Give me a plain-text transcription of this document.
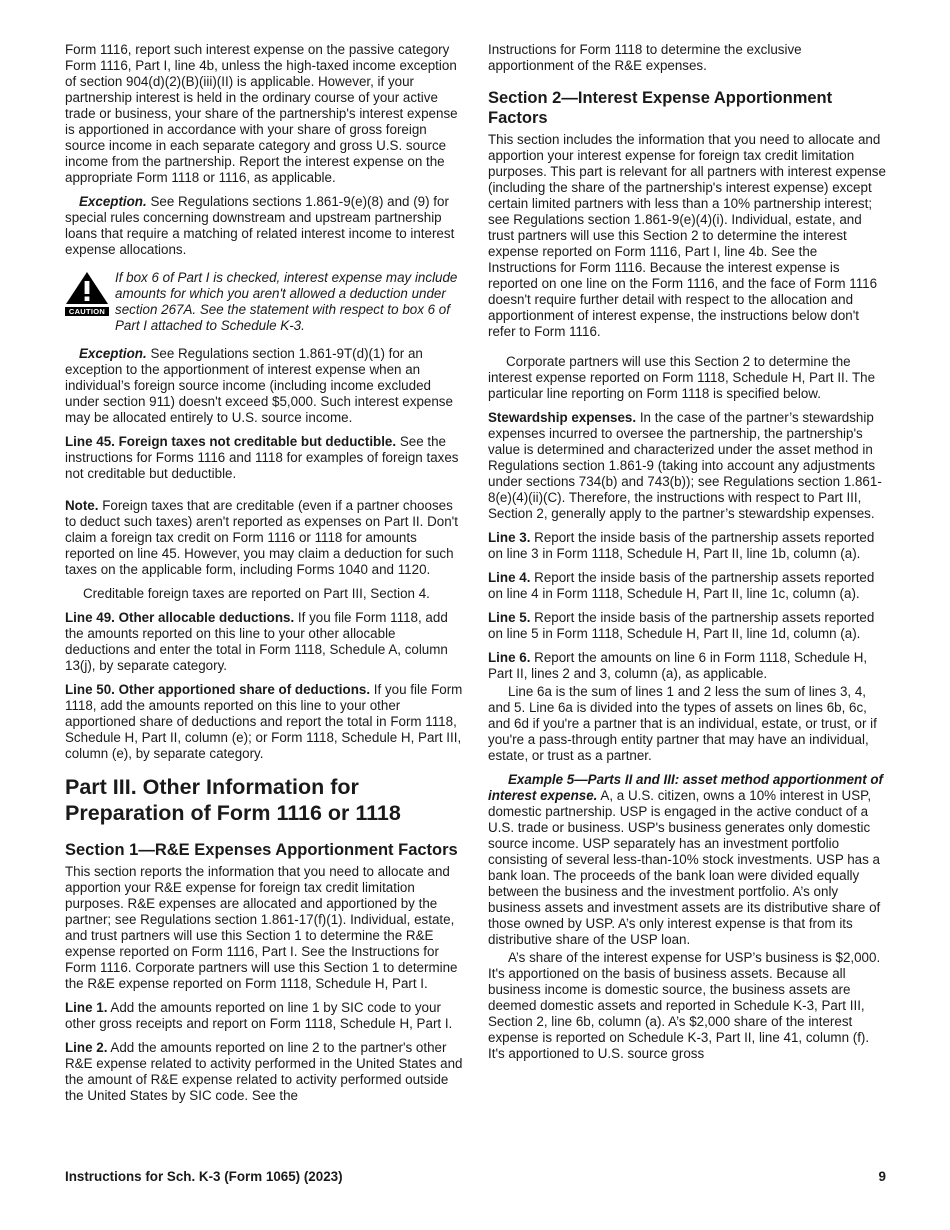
Form 1116, report such interest expense on the passive category Form 1116, Part I, line 4b, unless the high-taxed income exception of section 904(d)(2)(B)(iii)(II) is applicable. However, if your partnership interest is held in the ordinary course of your active trade or business, your share of the partnership's interest expense is apportioned in accordance with your share of gross foreign source income in each separate category and gross U.S. source income from the partnership. Report the interest expense on the appropriate Form 1118 or 1116, as applicable.

Exception. See Regulations sections 1.861-9(e)(8) and (9) for special rules concerning downstream and upstream partnership loans that require a matching of related interest income to interest expense allocations.

CAUTION
If box 6 of Part I is checked, interest expense may include amounts for which you aren't allowed a deduction under section 267A. See the statement with respect to box 6 of Part I attached to Schedule K-3.

Exception. See Regulations section 1.861-9T(d)(1) for an exception to the apportionment of interest expense when an individual’s foreign source income (including income excluded under section 911) doesn't exceed $5,000. Such interest expense may be allocated entirely to U.S. source income.

Line 45. Foreign taxes not creditable but deductible. See the instructions for Forms 1116 and 1118 for examples of foreign taxes not creditable but deductible.

Note. Foreign taxes that are creditable (even if a partner chooses to deduct such taxes) aren't reported as expenses on Part II. Don't claim a foreign tax credit on Form 1116 or 1118 for amounts reported on line 45. However, you may claim a deduction for such taxes on the applicable form, including Forms 1040 and 1120.

Creditable foreign taxes are reported on Part III, Section 4.

Line 49. Other allocable deductions. If you file Form 1118, add the amounts reported on this line to your other allocable deductions and enter the total in Form 1118, Schedule A, column 13(j), by separate category.

Line 50. Other apportioned share of deductions. If you file Form 1118, add the amounts reported on this line to your other apportioned share of deductions and report the total in Form 1118, Schedule H, Part II, column (e); or Form 1118, Schedule H, Part III, column (e), by separate category.

Part III. Other Information for Preparation of Form 1116 or 1118
Section 1—R&E Expenses Apportionment Factors

This section reports the information that you need to allocate and apportion your R&E expense for foreign tax credit limitation purposes. R&E expenses are allocated and apportioned by the partner; see Regulations section 1.861-17(f)(1). Individual, estate, and trust partners will use this Section 1 to determine the R&E expense reported on Form 1116, Part I. See the Instructions for Form 1116. Corporate partners will use this Section 1 to determine the R&E expense reported on Form 1118, Schedule H, Part I.

Line 1. Add the amounts reported on line 1 by SIC code to your other gross receipts and report on Form 1118, Schedule H, Part I.

Line 2. Add the amounts reported on line 2 to the partner's other R&E expense related to activity performed in the United States and the amount of R&E expense related to activity performed outside the United States by SIC code. See the

Instructions for Form 1118 to determine the exclusive apportionment of the R&E expenses.

Section 2—Interest Expense Apportionment Factors

This section includes the information that you need to allocate and apportion your interest expense for foreign tax credit limitation purposes. This part is relevant for all partners with interest expense (including the share of the partnership's interest expense) except certain limited partners with less than a 10% partnership interest; see Regulations section 1.861-9(e)(4)(i). Individual, estate, and trust partners will use this Section 2 to determine the interest expense reported on Form 1116, Part I, line 4b. See the Instructions for Form 1116. Because the interest expense is reported on one line on the Form 1116, and the face of Form 1116 doesn't require further detail with respect to the allocation and apportionment of interest expense, the instructions below don't refer to Form 1116.

Corporate partners will use this Section 2 to determine the interest expense reported on Form 1118, Schedule H, Part II. The particular line reporting on Form 1118 is specified below.

Stewardship expenses. In the case of the partner’s stewardship expenses incurred to oversee the partnership, the partnership's value is determined and characterized under the asset method in Regulations section 1.861-9 (taking into account any adjustments under sections 734(b) and 743(b)); see Regulations section 1.861-8(e)(4)(ii)(C). Therefore, the instructions with respect to Part III, Section 2, generally apply to the partner’s stewardship expenses.

Line 3. Report the inside basis of the partnership assets reported on line 3 in Form 1118, Schedule H, Part II, line 1b, column (a).

Line 4. Report the inside basis of the partnership assets reported on line 4 in Form 1118, Schedule H, Part II, line 1c, column (a).

Line 5. Report the inside basis of the partnership assets reported on line 5 in Form 1118, Schedule H, Part II, line 1d, column (a).

Line 6. Report the amounts on line 6 in Form 1118, Schedule H, Part II, lines 2 and 3, column (a), as applicable.

Line 6a is the sum of lines 1 and 2 less the sum of lines 3, 4, and 5. Line 6a is divided into the types of assets on lines 6b, 6c, and 6d if you're a partner that is an individual, estate, or trust, or if you're a pass-through entity partner that may have an individual, estate, or trust as a partner.

Example 5—Parts II and III: asset method apportionment of interest expense. A, a U.S. citizen, owns a 10% interest in USP, domestic partnership. USP is engaged in the active conduct of a U.S. trade or business. USP's business generates only domestic source income. USP separately has an investment portfolio consisting of several less-than-10% stock investments. USP has a bank loan. The proceeds of the bank loan were divided equally between the business and the investment portfolio. A’s only business assets and investment assets are its distributive share of those owned by USP. A’s only interest expense is that from its distributive share of the USP loan.

A’s share of the interest expense for USP’s business is $2,000. It's apportioned on the basis of business assets. Because all business income is domestic source, the business assets are deemed domestic assets and reported in Schedule K-3, Part III, Section 2, line 6b, column (a). A’s $2,000 share of the interest expense is reported on Schedule K-3, Part II, line 41, column (f). It's apportioned to U.S. source gross

Instructions for Sch. K-3 (Form 1065) (2023)	9
